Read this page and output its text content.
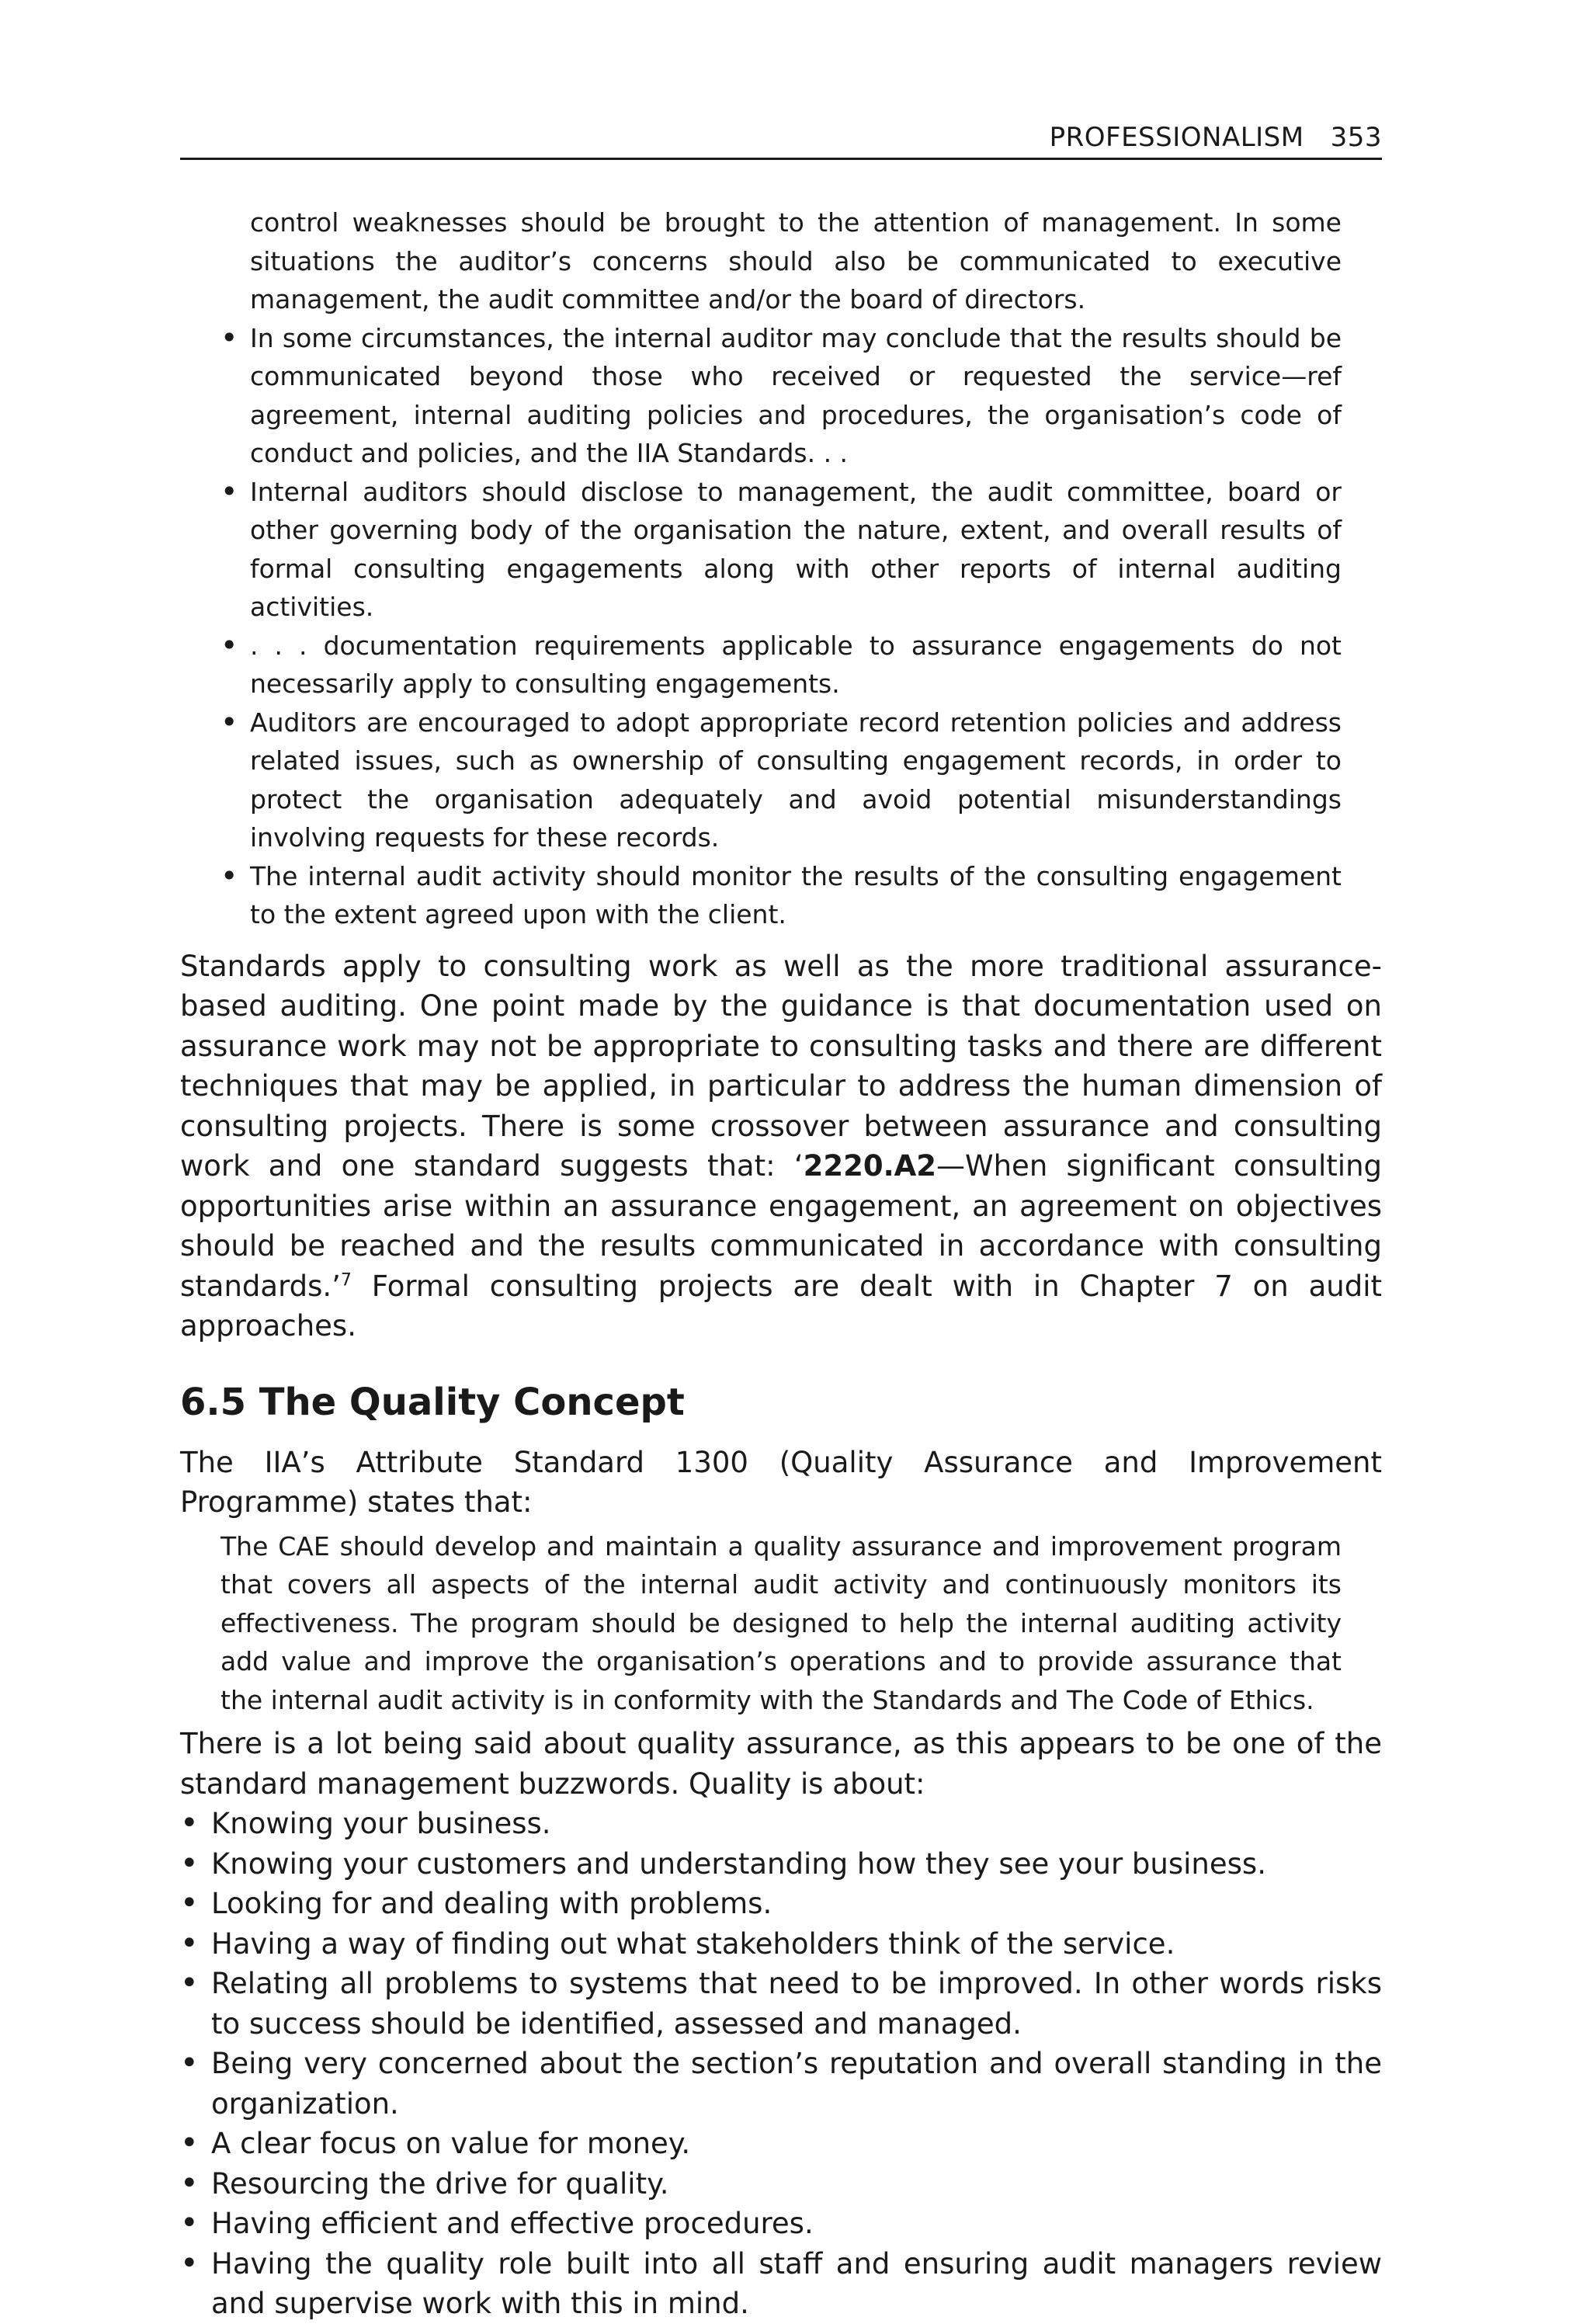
PROFESSIONALISM 353
control weaknesses should be brought to the attention of management. In some situations the auditor’s concerns should also be communicated to executive management, the audit committee and/or the board of directors.
• In some circumstances, the internal auditor may conclude that the results should be communicated beyond those who received or requested the service—ref agreement, internal auditing policies and procedures, the organisation’s code of conduct and policies, and the IIA Standards. . .
• Internal auditors should disclose to management, the audit committee, board or other governing body of the organisation the nature, extent, and overall results of formal consulting engagements along with other reports of internal auditing activities.
• . . . documentation requirements applicable to assurance engagements do not necessarily apply to consulting engagements.
• Auditors are encouraged to adopt appropriate record retention policies and address related issues, such as ownership of consulting engagement records, in order to protect the organisation adequately and avoid potential misunderstandings involving requests for these records.
• The internal audit activity should monitor the results of the consulting engagement to the extent agreed upon with the client.

Standards apply to consulting work as well as the more traditional assurance-based auditing. One point made by the guidance is that documentation used on assurance work may not be appropriate to consulting tasks and there are different techniques that may be applied, in particular to address the human dimension of consulting projects. There is some crossover between assurance and consulting work and one standard suggests that: ‘2220.A2—When significant consulting opportunities arise within an assurance engagement, an agreement on objectives should be reached and the results communicated in accordance with consulting standards.’$^7$ Formal consulting projects are dealt with in Chapter 7 on audit approaches.

6.5 The Quality Concept

The IIA’s Attribute Standard 1300 (Quality Assurance and Improvement Programme) states that:

The CAE should develop and maintain a quality assurance and improvement program that covers all aspects of the internal audit activity and continuously monitors its effectiveness. The program should be designed to help the internal auditing activity add value and improve the organisation’s operations and to provide assurance that the internal audit activity is in conformity with the Standards and The Code of Ethics.

There is a lot being said about quality assurance, as this appears to be one of the standard management buzzwords. Quality is about:

• Knowing your business.
• Knowing your customers and understanding how they see your business.
• Looking for and dealing with problems.
• Having a way of finding out what stakeholders think of the service.
• Relating all problems to systems that need to be improved. In other words risks to success should be identified, assessed and managed.
• Being very concerned about the section’s reputation and overall standing in the organization.
• A clear focus on value for money.
• Resourcing the drive for quality.
• Having efficient and effective procedures.
• Having the quality role built into all staff and ensuring audit managers review and supervise work with this in mind.
